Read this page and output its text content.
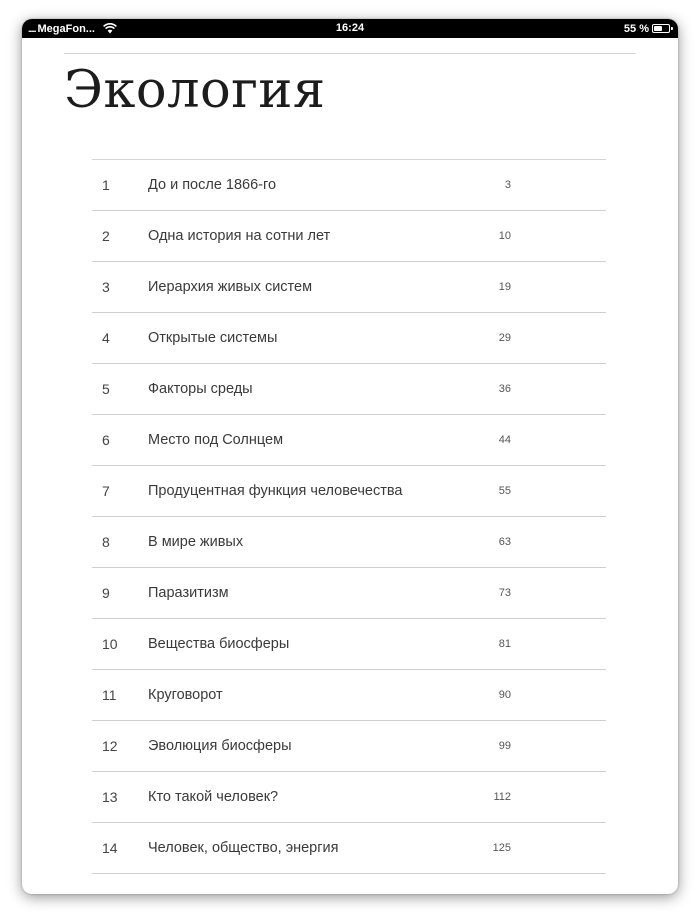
..... MegaFon...	16:24	55 %
Экология
1	До и после 1866-го	3
2	Одна история на сотни лет	10
3	Иерархия живых систем	19
4	Открытые системы	29
5	Факторы среды	36
6	Место под Солнцем	44
7	Продуцентная функция человечества	55
8	В мире живых	63
9	Паразитизм	73
10 Вещества биосферы	81
11 Круговорот	90
12 Эволюция биосферы	99
13 Кто такой человек?	112
14 Человек, общество, энергия	125
